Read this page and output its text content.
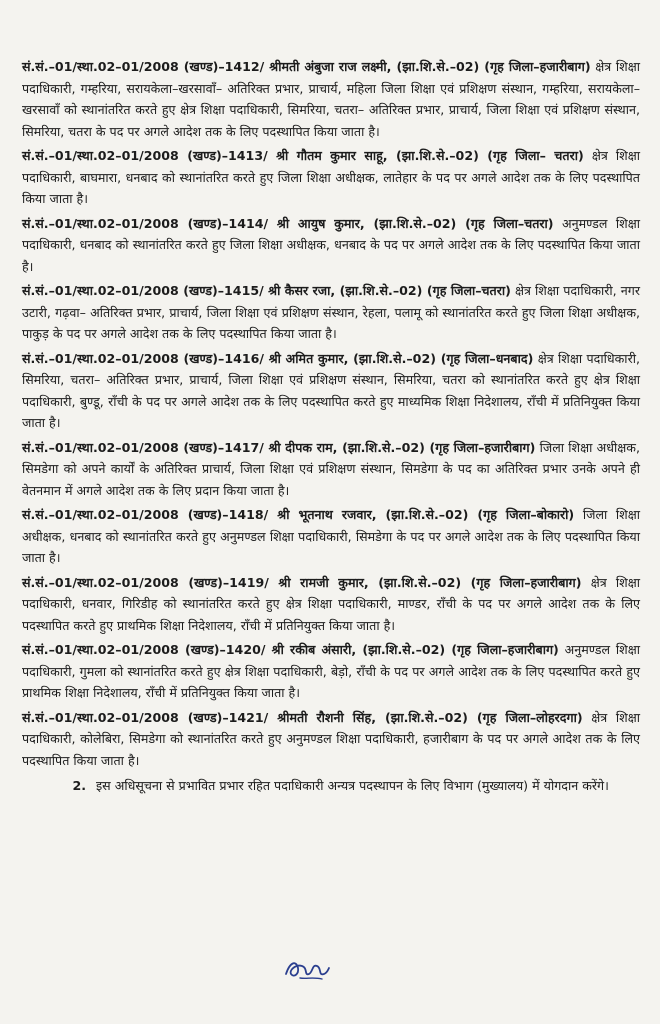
सं.सं.–01/स्था.02–01/2008 (खण्ड)–1412/ श्रीमती अंबुजा राज लक्ष्मी, (झा.शि.से.–02) (गृह जिला–हजारीबाग) क्षेत्र शिक्षा पदाधिकारी, गम्हरिया, सरायकेला–खरसावाँ– अतिरिक्त प्रभार, प्राचार्य, महिला जिला शिक्षा एवं प्रशिक्षण संस्थान, गम्हरिया, सरायकेला–खरसावाँ को स्थानांतरित करते हुए क्षेत्र शिक्षा पदाधिकारी, सिमरिया, चतरा– अतिरिक्त प्रभार, प्राचार्य, जिला शिक्षा एवं प्रशिक्षण संस्थान, सिमरिया, चतरा के पद पर अगले आदेश तक के लिए पदस्थापित किया जाता है।

सं.सं.–01/स्था.02–01/2008 (खण्ड)–1413/ श्री गौतम कुमार साहू, (झा.शि.से.–02) (गृह जिला– चतरा) क्षेत्र शिक्षा पदाधिकारी, बाघमारा, धनबाद को स्थानांतरित करते हुए जिला शिक्षा अधीक्षक, लातेहार के पद पर अगले आदेश तक के लिए पदस्थापित किया जाता है।

सं.सं.–01/स्था.02–01/2008 (खण्ड)–1414/ श्री आयुष कुमार, (झा.शि.से.–02) (गृह जिला–चतरा) अनुमण्डल शिक्षा पदाधिकारी, धनबाद को स्थानांतरित करते हुए जिला शिक्षा अधीक्षक, धनबाद के पद पर अगले आदेश तक के लिए पदस्थापित किया जाता है।

सं.सं.–01/स्था.02–01/2008 (खण्ड)–1415/ श्री कैसर रजा, (झा.शि.से.–02) (गृह जिला–चतरा) क्षेत्र शिक्षा पदाधिकारी, नगर उटारी, गढ़वा– अतिरिक्त प्रभार, प्राचार्य, जिला शिक्षा एवं प्रशिक्षण संस्थान, रेहला, पलामू को स्थानांतरित करते हुए जिला शिक्षा अधीक्षक, पाकुड़ के पद पर अगले आदेश तक के लिए पदस्थापित किया जाता है।

सं.सं.–01/स्था.02–01/2008 (खण्ड)–1416/ श्री अमित कुमार, (झा.शि.से.–02) (गृह जिला–धनबाद) क्षेत्र शिक्षा पदाधिकारी, सिमरिया, चतरा– अतिरिक्त प्रभार, प्राचार्य, जिला शिक्षा एवं प्रशिक्षण संस्थान, सिमरिया, चतरा को स्थानांतरित करते हुए क्षेत्र शिक्षा पदाधिकारी, बुण्डू, राँची के पद पर अगले आदेश तक के लिए पदस्थापित करते हुए माध्यमिक शिक्षा निदेशालय, राँची में प्रतिनियुक्त किया जाता है।

सं.सं.–01/स्था.02–01/2008 (खण्ड)–1417/ श्री दीपक राम, (झा.शि.से.–02) (गृह जिला–हजारीबाग) जिला शिक्षा अधीक्षक, सिमडेगा को अपने कार्यों के अतिरिक्त प्राचार्य, जिला शिक्षा एवं प्रशिक्षण संस्थान, सिमडेगा के पद का अतिरिक्त प्रभार उनके अपने ही वेतनमान में अगले आदेश तक के लिए प्रदान किया जाता है।

सं.सं.–01/स्था.02–01/2008 (खण्ड)–1418/ श्री भूतनाथ रजवार, (झा.शि.से.–02) (गृह जिला–बोकारो) जिला शिक्षा अधीक्षक, धनबाद को स्थानांतरित करते हुए अनुमण्डल शिक्षा पदाधिकारी, सिमडेगा के पद पर अगले आदेश तक के लिए पदस्थापित किया जाता है।

सं.सं.–01/स्था.02–01/2008 (खण्ड)–1419/ श्री रामजी कुमार, (झा.शि.से.–02) (गृह जिला–हजारीबाग) क्षेत्र शिक्षा पदाधिकारी, धनवार, गिरिडीह को स्थानांतरित करते हुए क्षेत्र शिक्षा पदाधिकारी, माण्डर, राँची के पद पर अगले आदेश तक के लिए पदस्थापित करते हुए प्राथमिक शिक्षा निदेशालय, राँची में प्रतिनियुक्त किया जाता है।

सं.सं.–01/स्था.02–01/2008 (खण्ड)–1420/ श्री रकीब अंसारी, (झा.शि.से.–02) (गृह जिला–हजारीबाग) अनुमण्डल शिक्षा पदाधिकारी, गुमला को स्थानांतरित करते हुए क्षेत्र शिक्षा पदाधिकारी, बेड़ो, राँची के पद पर अगले आदेश तक के लिए पदस्थापित करते हुए प्राथमिक शिक्षा निदेशालय, राँची में प्रतिनियुक्त किया जाता है।

सं.सं.–01/स्था.02–01/2008 (खण्ड)–1421/ श्रीमती रौशनी सिंह, (झा.शि.से.–02) (गृह जिला–लोहरदगा) क्षेत्र शिक्षा पदाधिकारी, कोलेबिरा, सिमडेगा को स्थानांतरित करते हुए अनुमण्डल शिक्षा पदाधिकारी, हजारीबाग के पद पर अगले आदेश तक के लिए पदस्थापित किया जाता है।

2. इस अधिसूचना से प्रभावित प्रभार रहित पदाधिकारी अन्यत्र पदस्थापन के लिए विभाग (मुख्यालय) में योगदान करेंगे।
